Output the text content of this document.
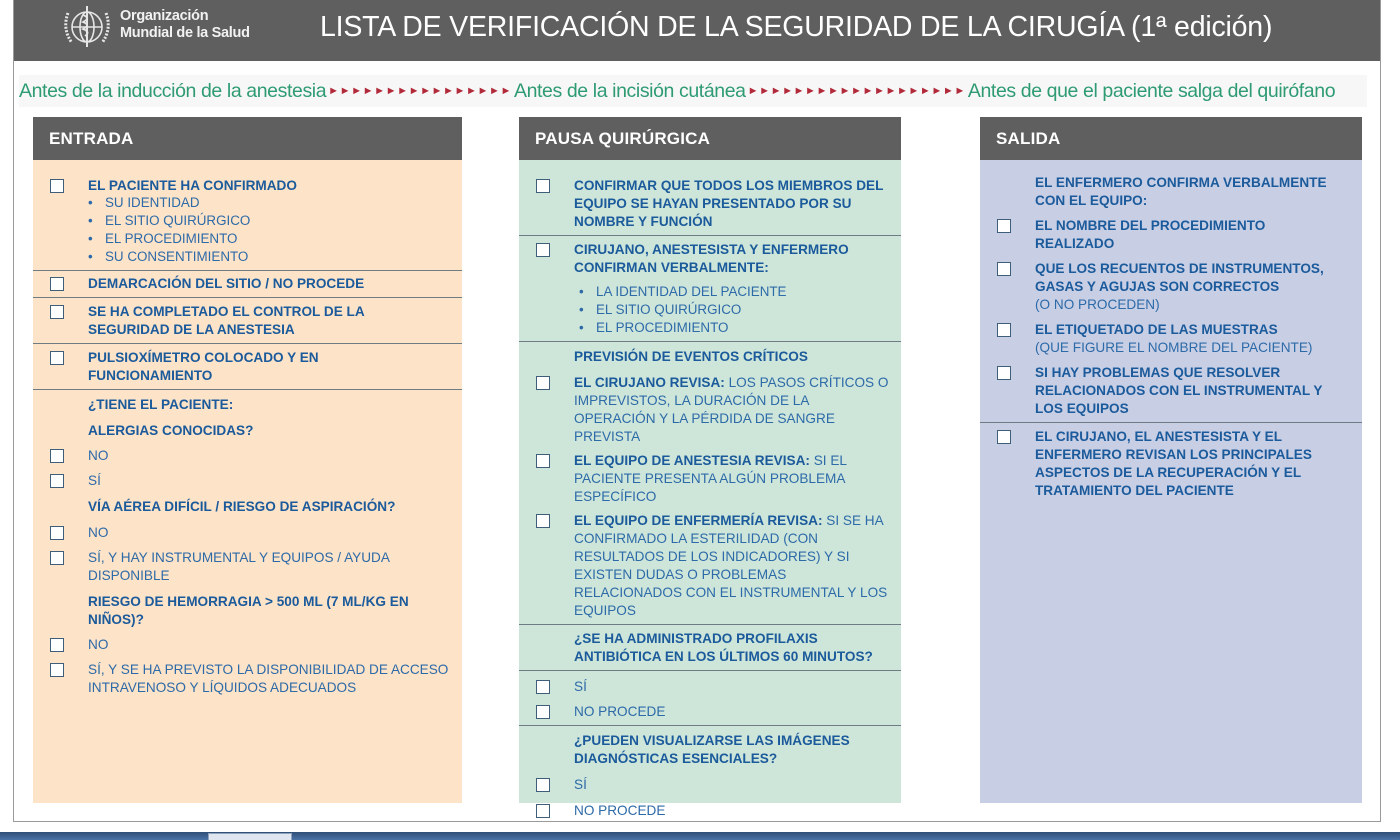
Organización
Mundial de la Salud LISTA DE VERIFICACIÓN DE LA SEGURIDAD DE LA CIRUGÍA (1ª edición)
Antes de la inducción de la anestesia ►►►►►►►►►►►►►►►► Antes de la incisión cutánea ►►►►►►►►►►►►►►►►►►► Antes de que el paciente salga del quirófano
ENTRADA
EL PACIENTE HA CONFIRMADO
• SU IDENTIDAD
• EL SITIO QUIRÚRGICO
• EL PROCEDIMIENTO
• SU CONSENTIMIENTO
DEMARCACIÓN DEL SITIO / NO PROCEDE
SE HA COMPLETADO EL CONTROL DE LA SEGURIDAD DE LA ANESTESIA
PULSIOXÍMETRO COLOCADO Y EN FUNCIONAMIENTO
¿TIENE EL PACIENTE:
ALERGIAS CONOCIDAS?
NO
SÍ
VÍA AÉREA DIFÍCIL / RIESGO DE ASPIRACIÓN?
NO
SÍ, Y HAY INSTRUMENTAL Y EQUIPOS / AYUDA DISPONIBLE
RIESGO DE HEMORRAGIA > 500 ML (7 ML/KG EN NIÑOS)?
NO
SÍ, Y SE HA PREVISTO LA DISPONIBILIDAD DE ACCESO INTRAVENOSO Y LÍQUIDOS ADECUADOS
PAUSA QUIRÚRGICA
CONFIRMAR QUE TODOS LOS MIEMBROS DEL EQUIPO SE HAYAN PRESENTADO POR SU NOMBRE Y FUNCIÓN
CIRUJANO, ANESTESISTA Y ENFERMERO CONFIRMAN VERBALMENTE:
• LA IDENTIDAD DEL PACIENTE
• EL SITIO QUIRÚRGICO
• EL PROCEDIMIENTO
PREVISIÓN DE EVENTOS CRÍTICOS
EL CIRUJANO REVISA: LOS PASOS CRÍTICOS O IMPREVISTOS, LA DURACIÓN DE LA OPERACIÓN Y LA PÉRDIDA DE SANGRE PREVISTA
EL EQUIPO DE ANESTESIA REVISA: SI EL PACIENTE PRESENTA ALGÚN PROBLEMA ESPECÍFICO
EL EQUIPO DE ENFERMERÍA REVISA: SI SE HA CONFIRMADO LA ESTERILIDAD (CON RESULTADOS DE LOS INDICADORES) Y SI EXISTEN DUDAS O PROBLEMAS RELACIONADOS CON EL INSTRUMENTAL Y LOS EQUIPOS
¿SE HA ADMINISTRADO PROFILAXIS ANTIBIÓTICA EN LOS ÚLTIMOS 60 MINUTOS?
SÍ
NO PROCEDE
¿PUEDEN VISUALIZARSE LAS IMÁGENES DIAGNÓSTICAS ESENCIALES?
SÍ
NO PROCEDE
SALIDA
EL ENFERMERO CONFIRMA VERBALMENTE CON EL EQUIPO:
EL NOMBRE DEL PROCEDIMIENTO REALIZADO
QUE LOS RECUENTOS DE INSTRUMENTOS, GASAS Y AGUJAS SON CORRECTOS
(O NO PROCEDEN)
EL ETIQUETADO DE LAS MUESTRAS
(QUE FIGURE EL NOMBRE DEL PACIENTE)
SI HAY PROBLEMAS QUE RESOLVER RELACIONADOS CON EL INSTRUMENTAL Y LOS EQUIPOS
EL CIRUJANO, EL ANESTESISTA Y EL ENFERMERO REVISAN LOS PRINCIPALES ASPECTOS DE LA RECUPERACIÓN Y EL TRATAMIENTO DEL PACIENTE
